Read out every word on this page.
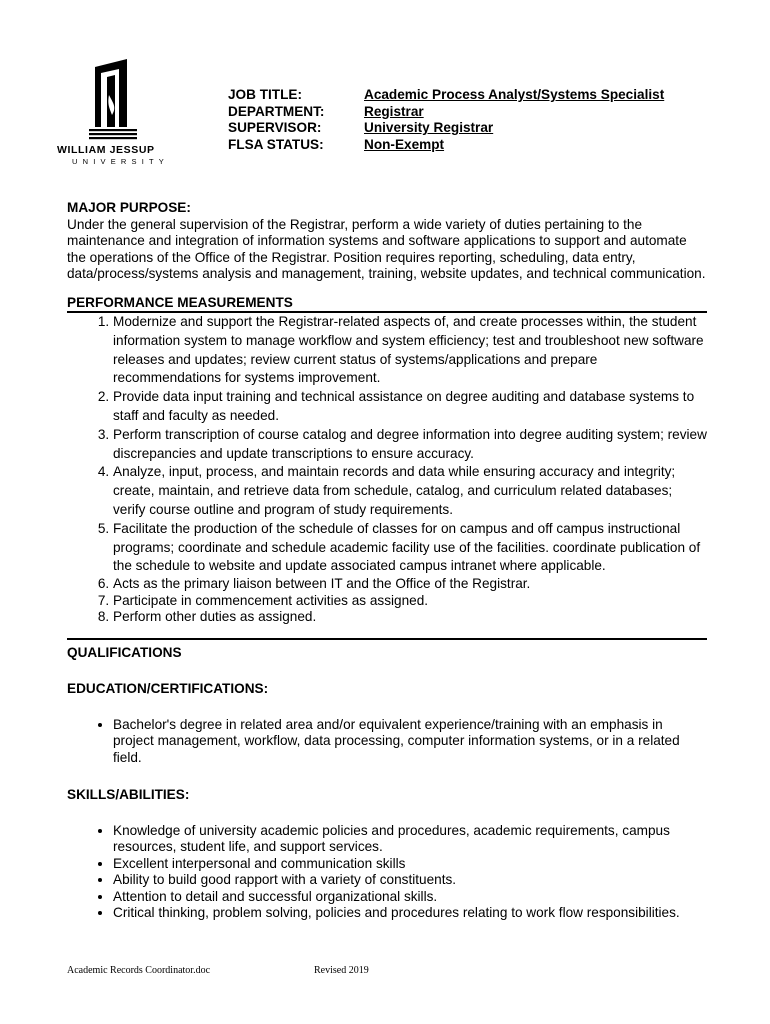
WILLIAM JESSUP
UNIVERSITY
JOB TITLE:	Academic Process Analyst/Systems Specialist
DEPARTMENT:	Registrar
SUPERVISOR:	University Registrar
FLSA STATUS:	Non-Exempt
MAJOR PURPOSE:

Under the general supervision of the Registrar, perform a wide variety of duties pertaining to the maintenance and integration of information systems and software applications to support and automate the operations of the Office of the Registrar. Position requires reporting, scheduling, data entry, data/process/systems analysis and management, training, website updates, and technical communication.

PERFORMANCE MEASUREMENTS
1. Modernize and support the Registrar-related aspects of, and create processes within, the student information system to manage workflow and system efficiency; test and troubleshoot new software releases and updates; review current status of systems/applications and prepare recommendations for systems improvement.
2. Provide data input training and technical assistance on degree auditing and database systems to staff and faculty as needed.
3. Perform transcription of course catalog and degree information into degree auditing system; review discrepancies and update transcriptions to ensure accuracy.
4. Analyze, input, process, and maintain records and data while ensuring accuracy and integrity; create, maintain, and retrieve data from schedule, catalog, and curriculum related databases; verify course outline and program of study requirements.
5. Facilitate the production of the schedule of classes for on campus and off campus instructional programs; coordinate and schedule academic facility use of the facilities. coordinate publication of the schedule to website and update associated campus intranet where applicable.
6. Acts as the primary liaison between IT and the Office of the Registrar.
7. Participate in commencement activities as assigned.
8. Perform other duties as assigned.
QUALIFICATIONS
EDUCATION/CERTIFICATIONS:
• Bachelor's degree in related area and/or equivalent experience/training with an emphasis in project management, workflow, data processing, computer information systems, or in a related field.
SKILLS/ABILITIES:
• Knowledge of university academic policies and procedures, academic requirements, campus resources, student life, and support services.
• Excellent interpersonal and communication skills
• Ability to build good rapport with a variety of constituents.
• Attention to detail and successful organizational skills.
• Critical thinking, problem solving, policies and procedures relating to work flow responsibilities.
Academic Records Coordinator.doc	Revised 2019
